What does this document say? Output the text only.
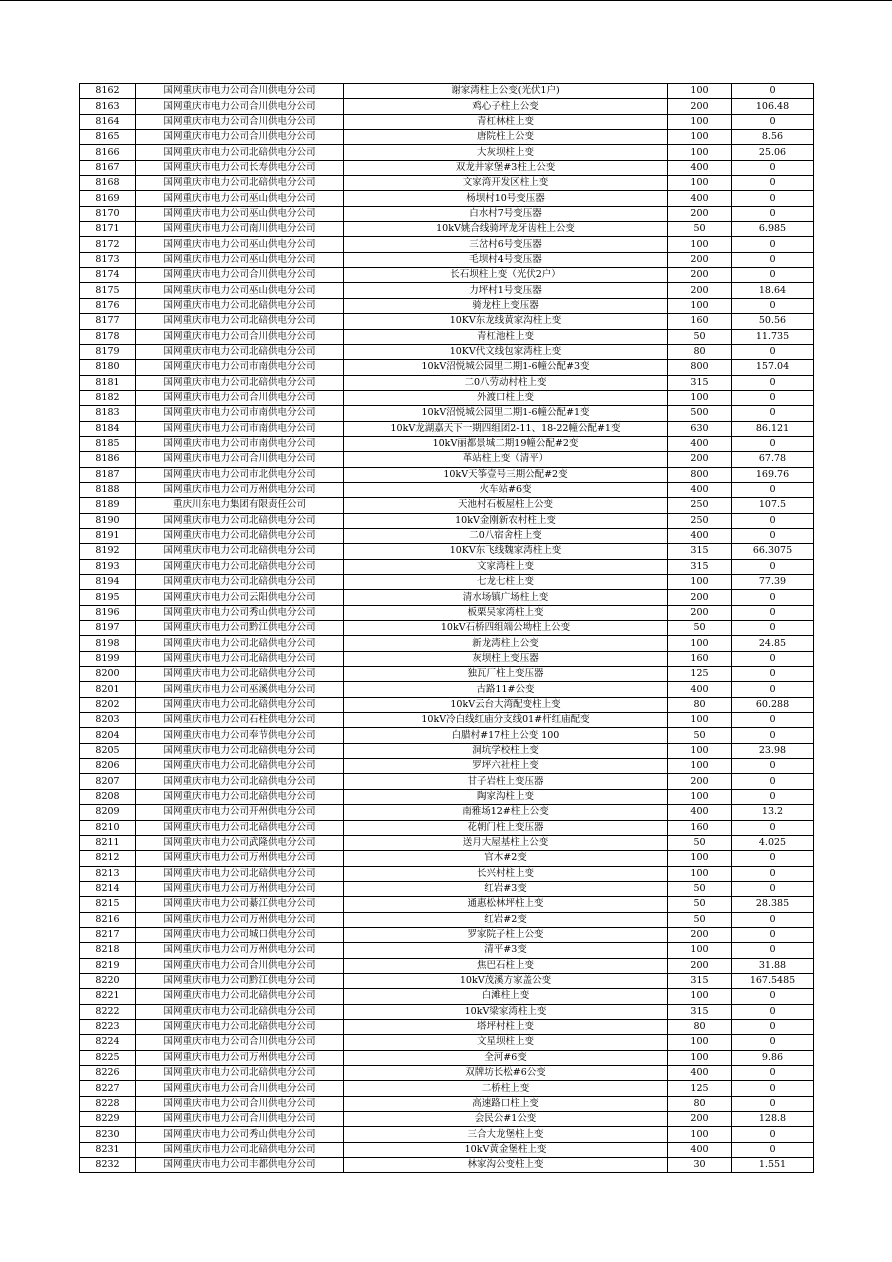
8162	国网重庆市电力公司合川供电分公司	谢家湾柱上公变(光伏1户)	100	0
8163	国网重庆市电力公司合川供电分公司	鸡心子柱上公变	200	106.48
8164	国网重庆市电力公司合川供电分公司	青杠林柱上变	100	0
8165	国网重庆市电力公司合川供电分公司	唐院柱上公变	100	8.56
8166	国网重庆市电力公司北碚供电分公司	大灰坝柱上变	100	25.06
8167	国网重庆市电力公司长寿供电分公司	双龙井家堡#3柱上公变	400	0
8168	国网重庆市电力公司北碚供电分公司	文家湾开发区柱上变	100	0
8169	国网重庆市电力公司巫山供电分公司	杨坝村10号变压器	400	0
8170	国网重庆市电力公司巫山供电分公司	白水村7号变压器	200	0
8171	国网重庆市电力公司南川供电分公司	10kV姚合线骑坪龙牙齿柱上公变	50	6.985
8172	国网重庆市电力公司巫山供电分公司	三岔村6号变压器	100	0
8173	国网重庆市电力公司巫山供电分公司	毛坝村4号变压器	200	0
8174	国网重庆市电力公司合川供电分公司	长石坝柱上变（光伏2户）	200	0
8175	国网重庆市电力公司巫山供电分公司	力坪村1号变压器	200	18.64
8176	国网重庆市电力公司北碚供电分公司	骑龙柱上变压器	100	0
8177	国网重庆市电力公司北碚供电分公司	10KV东龙线黄家沟柱上变	160	50.56
8178	国网重庆市电力公司合川供电分公司	青杠池柱上变	50	11.735
8179	国网重庆市电力公司北碚供电分公司	10KV代文线包家湾柱上变	80	0
8180	国网重庆市电力公司市南供电分公司	10kV沼悦城公园里二期1-6幢公配#3变	800	157.04
8181	国网重庆市电力公司北碚供电分公司	二0八劳动村柱上变	315	0
8182	国网重庆市电力公司合川供电分公司	外渡口柱上变	100	0
8183	国网重庆市电力公司市南供电分公司	10kV沼悦城公园里二期1-6幢公配#1变	500	0
8184	国网重庆市电力公司市南供电分公司	10kV龙湖嘉天下一期四组团2-11、18-22幢公配#1变	630	86.121
8185	国网重庆市电力公司市南供电分公司	10kV丽都景城二期19幢公配#2变	400	0
8186	国网重庆市电力公司合川供电分公司	革站柱上变（清平）	200	67.78
8187	国网重庆市电力公司市北供电分公司	10kV天筝壹号三期公配#2变	800	169.76
8188	国网重庆市电力公司万州供电分公司	火车站#6变	400	0
8189	重庆川东电力集团有限责任公司	天池村石板屋柱上公变	250	107.5
8190	国网重庆市电力公司北碚供电分公司	10kV金刚新农村柱上变	250	0
8191	国网重庆市电力公司北碚供电分公司	二0八宿舍柱上变	400	0
8192	国网重庆市电力公司北碚供电分公司	10KV东飞线魏家湾柱上变	315	66.3075
8193	国网重庆市电力公司北碚供电分公司	文家湾柱上变	315	0
8194	国网重庆市电力公司北碚供电分公司	七龙七柱上变	100	77.39
8195	国网重庆市电力公司云阳供电分公司	清水场镇广场柱上变	200	0
8196	国网重庆市电力公司秀山供电分公司	板栗吴家湾柱上变	200	0
8197	国网重庆市电力公司黔江供电分公司	10kV石桥四组端公坳柱上公变	50	0
8198	国网重庆市电力公司北碚供电分公司	新龙湾柱上公变	100	24.85
8199	国网重庆市电力公司北碚供电分公司	灰坝柱上变压器	160	0
8200	国网重庆市电力公司北碚供电分公司	独瓦厂柱上变压器	125	0
8201	国网重庆市电力公司巫溪供电分公司	古路11#公变	400	0
8202	国网重庆市电力公司北碚供电分公司	10kV云台大湾配变柱上变	80	60.288
8203	国网重庆市电力公司石柱供电分公司	10kV冷白线红庙分支线01#杆红庙配变	100	0
8204	国网重庆市电力公司奉节供电分公司	白腊村#17柱上公变 100	50	0
8205	国网重庆市电力公司北碚供电分公司	洞坑学校柱上变	100	23.98
8206	国网重庆市电力公司北碚供电分公司	罗坪六社柱上变	100	0
8207	国网重庆市电力公司北碚供电分公司	甘子岩柱上变压器	200	0
8208	国网重庆市电力公司北碚供电分公司	陶家沟柱上变	100	0
8209	国网重庆市电力公司开州供电分公司	南雅场12#柱上公变	400	13.2
8210	国网重庆市电力公司北碚供电分公司	花朝门柱上变压器	160	0
8211	国网重庆市电力公司武隆供电分公司	送月大屋基柱上公变	50	4.025
8212	国网重庆市电力公司万州供电分公司	官木#2变	100	0
8213	国网重庆市电力公司北碚供电分公司	长兴村柱上变	100	0
8214	国网重庆市电力公司万州供电分公司	红岩#3变	50	0
8215	国网重庆市电力公司綦江供电分公司	通惠松林坪柱上变	50	28.385
8216	国网重庆市电力公司万州供电分公司	红岩#2变	50	0
8217	国网重庆市电力公司城口供电分公司	罗家院子柱上公变	200	0
8218	国网重庆市电力公司万州供电分公司	清平#3变	100	0
8219	国网重庆市电力公司合川供电分公司	焦巴石柱上变	200	31.88
8220	国网重庆市电力公司黔江供电分公司	10kV茂溪方家盖公变	315	167.5485
8221	国网重庆市电力公司北碚供电分公司	白滩柱上变	100	0
8222	国网重庆市电力公司北碚供电分公司	10kV梁家湾柱上变	315	0
8223	国网重庆市电力公司北碚供电分公司	塔坪村柱上变	80	0
8224	国网重庆市电力公司合川供电分公司	文星坝柱上变	100	0
8225	国网重庆市电力公司万州供电分公司	全河#6变	100	9.86
8226	国网重庆市电力公司北碚供电分公司	双牌坊长松#6公变	400	0
8227	国网重庆市电力公司合川供电分公司	二桥柱上变	125	0
8228	国网重庆市电力公司合川供电分公司	高速路口柱上变	80	0
8229	国网重庆市电力公司合川供电分公司	会民公#1公变	200	128.8
8230	国网重庆市电力公司秀山供电分公司	三合大龙堡柱上变	100	0
8231	国网重庆市电力公司北碚供电分公司	10kV黄金堡柱上变	400	0
8232	国网重庆市电力公司丰都供电分公司	林家沟公变柱上变	30	1.551
